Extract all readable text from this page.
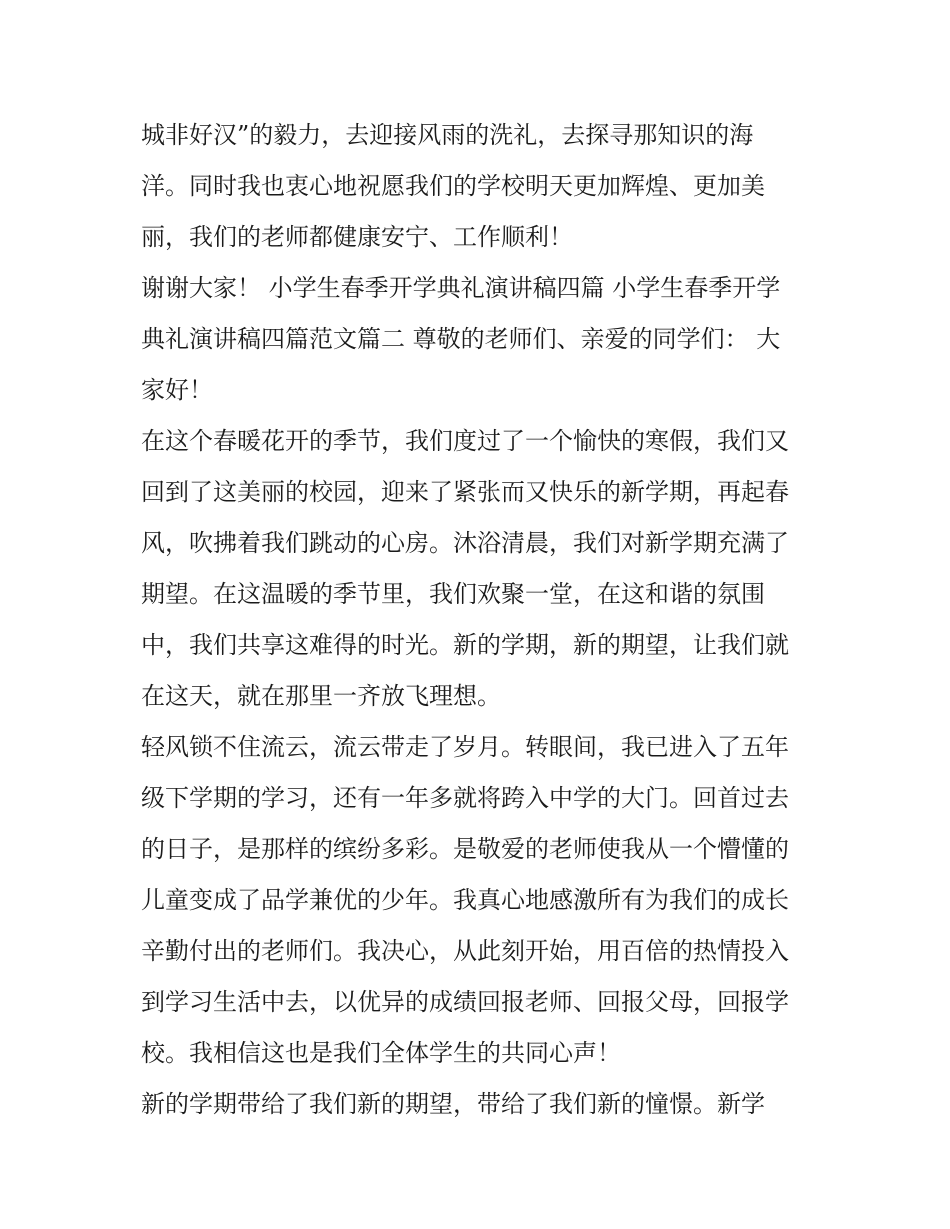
城非好汉”的毅力，去迎接风雨的洗礼，去探寻那知识的海
洋。同时我也衷心地祝愿我们的学校明天更加辉煌、更加美
丽，我们的老师都健康安宁、工作顺利！
谢谢大家！ 小学生春季开学典礼演讲稿四篇 小学生春季开学
典礼演讲稿四篇范文篇二 尊敬的老师们、亲爱的同学们： 大
家好！
在这个春暖花开的季节，我们度过了一个愉快的寒假，我们又
回到了这美丽的校园，迎来了紧张而又快乐的新学期，再起春
风，吹拂着我们跳动的心房。沐浴清晨，我们对新学期充满了
期望。在这温暖的季节里，我们欢聚一堂，在这和谐的氛围
中，我们共享这难得的时光。新的学期，新的期望，让我们就
在这天，就在那里一齐放飞理想。
轻风锁不住流云，流云带走了岁月。转眼间，我已进入了五年
级下学期的学习，还有一年多就将跨入中学的大门。回首过去
的日子，是那样的缤纷多彩。是敬爱的老师使我从一个懵懂的
儿童变成了品学兼优的少年。我真心地感激所有为我们的成长
辛勤付出的老师们。我决心，从此刻开始，用百倍的热情投入
到学习生活中去，以优异的成绩回报老师、回报父母，回报学
校。我相信这也是我们全体学生的共同心声！
新的学期带给了我们新的期望，带给了我们新的憧憬。新学
